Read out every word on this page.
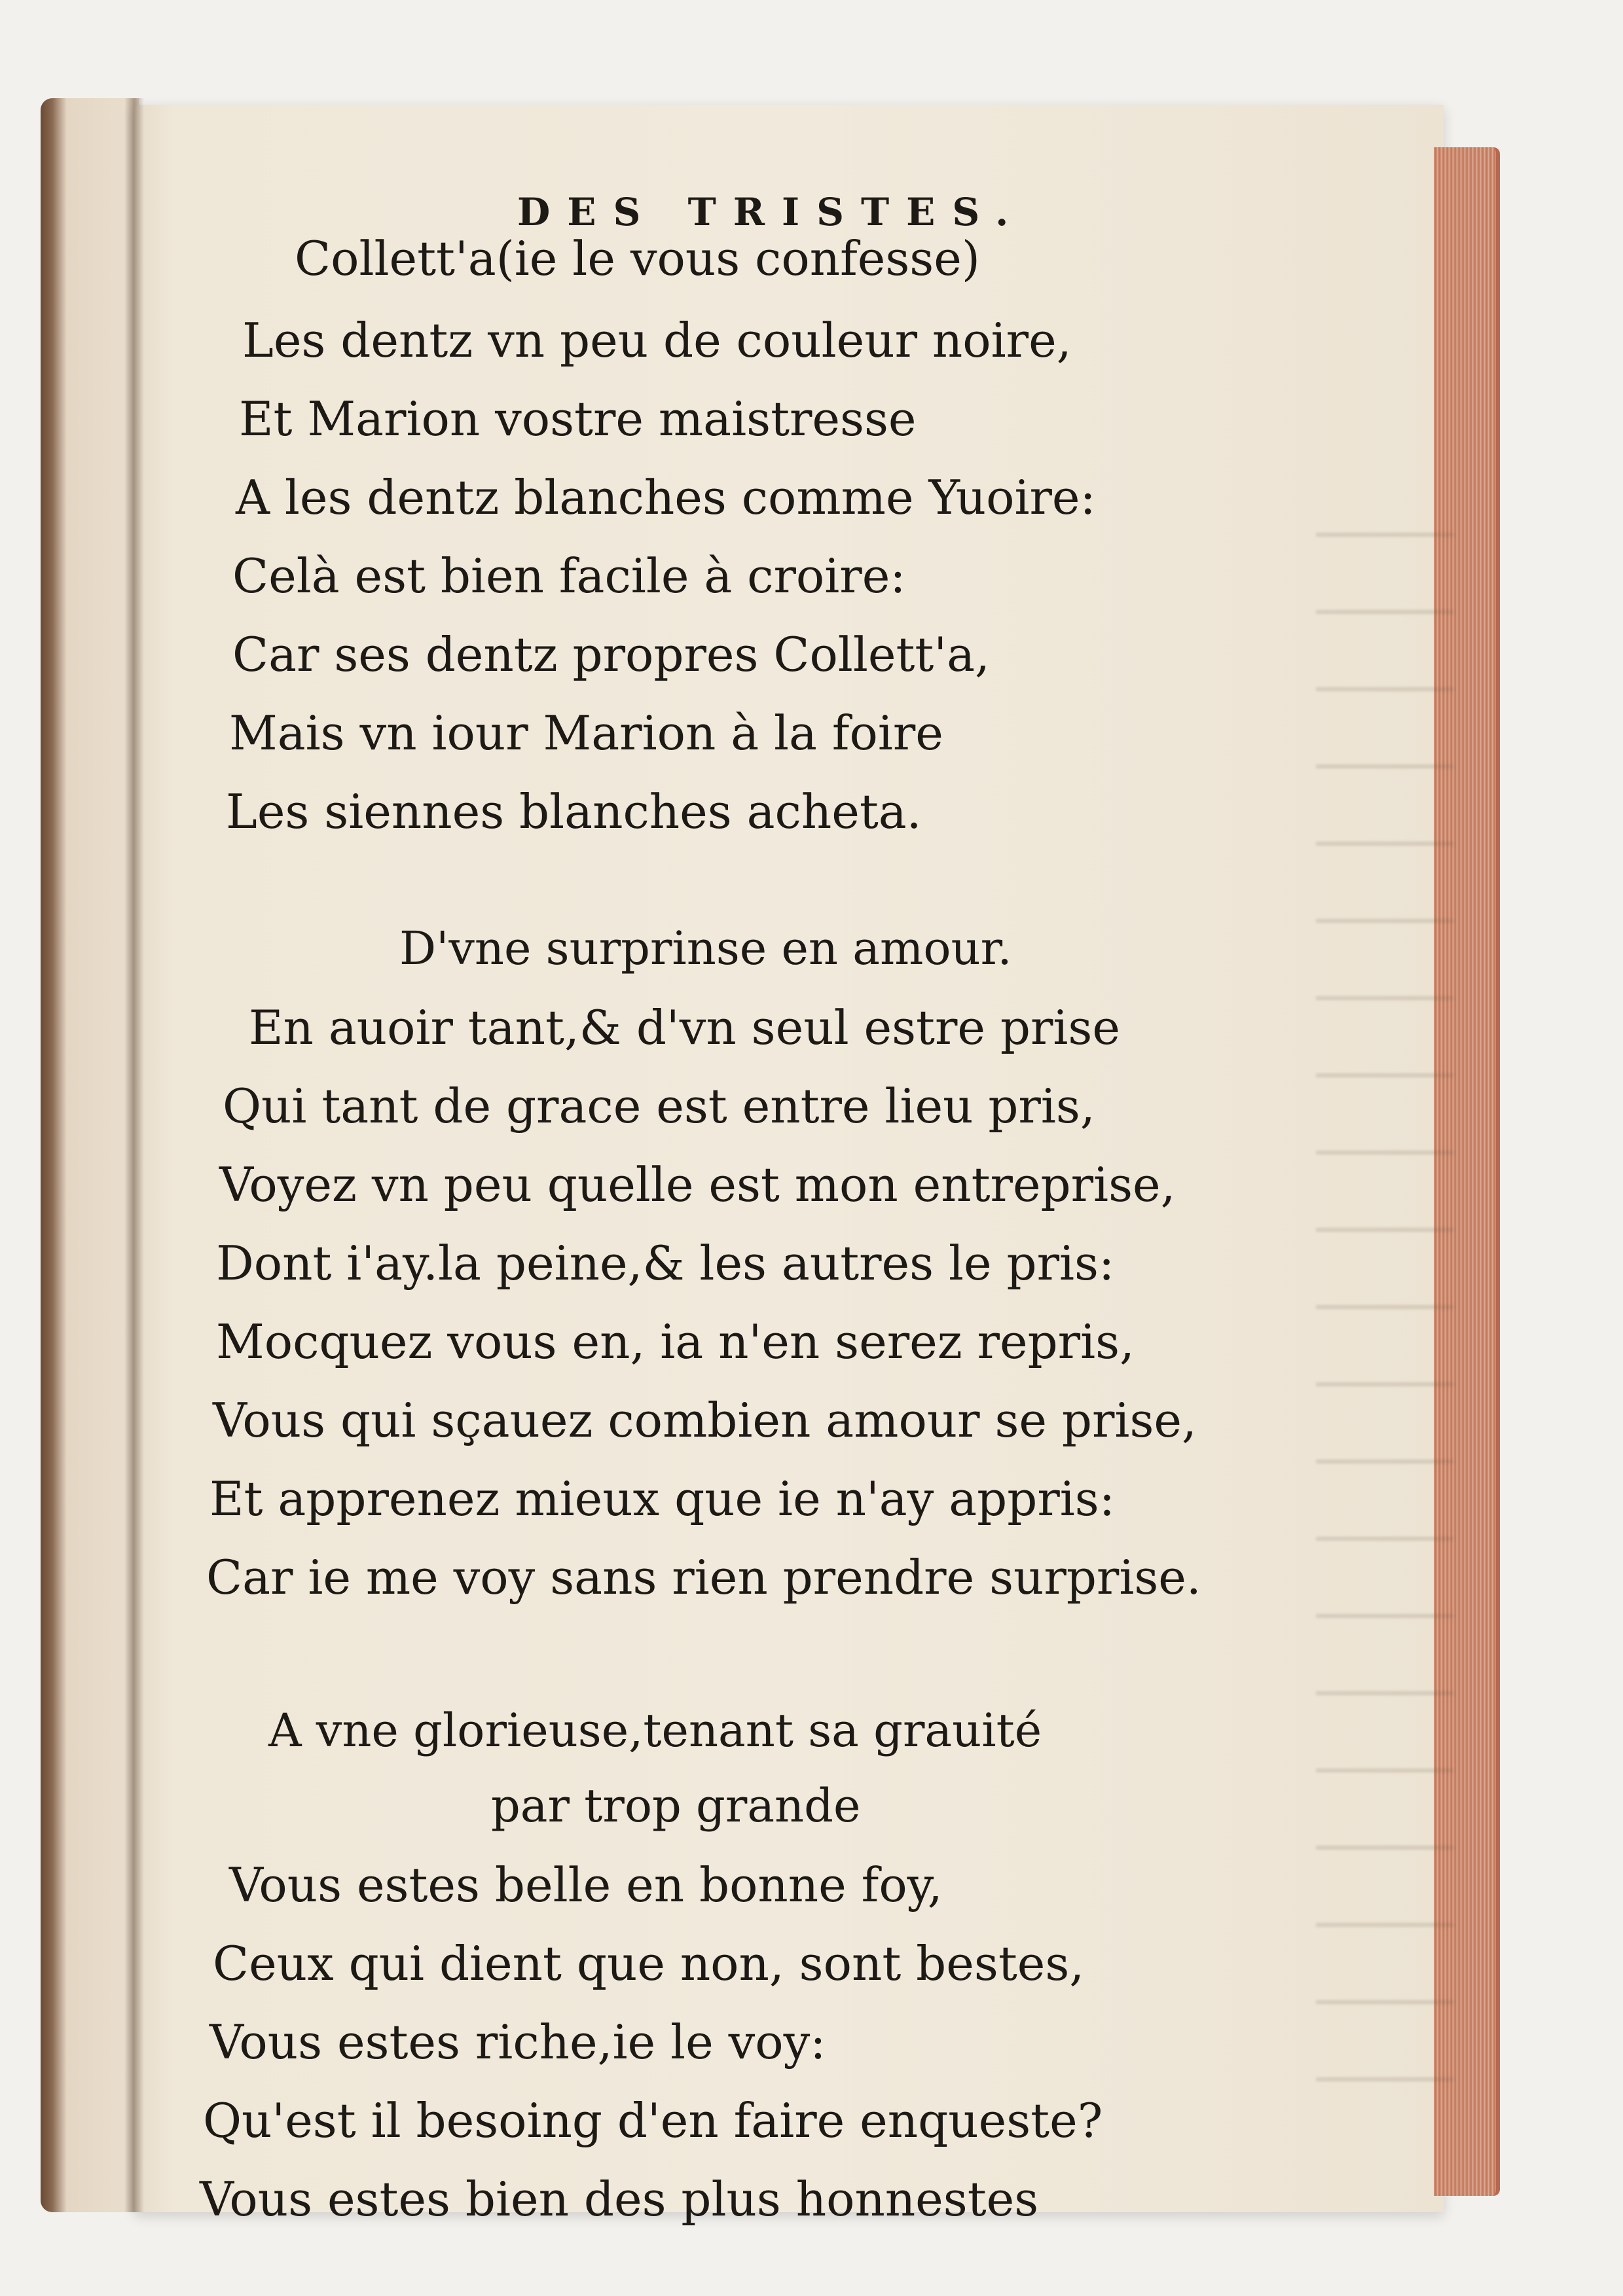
DES TRISTES.
Collett'a(ie le vous confesse)
Les dentz vn peu de couleur noire,
Et Marion vostre maistresse
A les dentz blanches comme Yuoire:
Celà est bien facile à croire:
Car ses dentz propres Collett'a,
Mais vn iour Marion à la foire
Les siennes blanches acheta.
D'vne surprinse en amour.
En auoir tant,& d'vn seul estre prise
Qui tant de grace est entre lieu pris,
Voyez vn peu quelle est mon entreprise,
Dont i'ay.la peine,& les autres le pris:
Mocquez vous en, ia n'en serez repris,
Vous qui sçauez combien amour se prise,
Et apprenez mieux que ie n'ay appris:
Car ie me voy sans rien prendre surprise.
A vne glorieuse,tenant sa grauité
par trop grande
Vous estes belle en bonne foy,
Ceux qui dient que non, sont bestes,
Vous estes riche,ie le voy:
Qu'est il besoing d'en faire enqueste?
Vous estes bien des plus honnestes
